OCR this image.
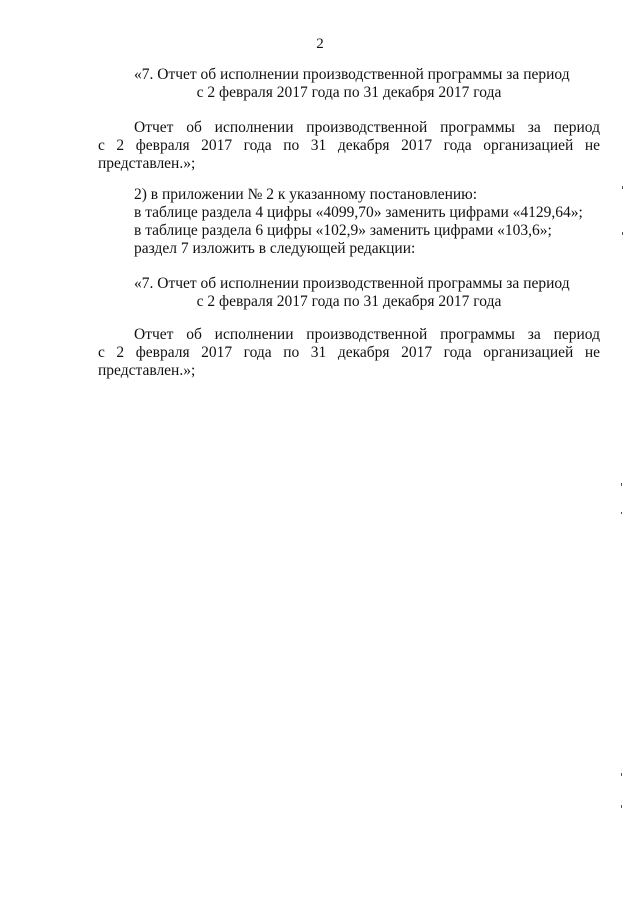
2
«7. Отчет об исполнении производственной программы за период
с 2 февраля 2017 года по 31 декабря 2017 года
Отчет об исполнении производственной программы за период
с 2 февраля 2017 года по 31 декабря 2017 года организацией не
представлен.»;
2) в приложении № 2 к указанному постановлению:
в таблице раздела 4 цифры «4099,70» заменить цифрами «4129,64»;
в таблице раздела 6 цифры «102,9» заменить цифрами «103,6»;
раздел 7 изложить в следующей редакции:
«7. Отчет об исполнении производственной программы за период
с 2 февраля 2017 года по 31 декабря 2017 года
Отчет об исполнении производственной программы за период
с 2 февраля 2017 года по 31 декабря 2017 года организацией не
представлен.»;
